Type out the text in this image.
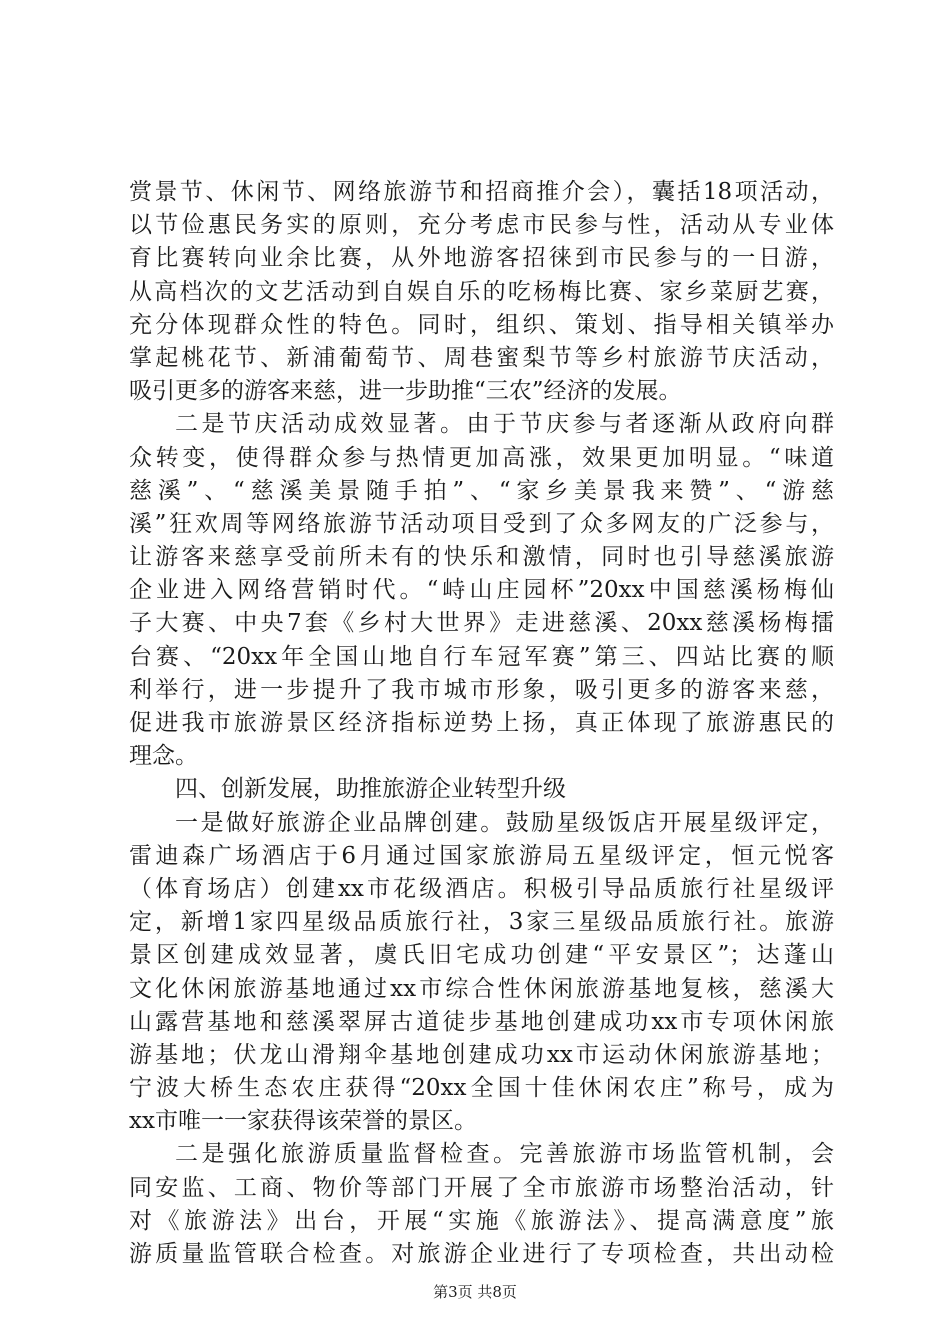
赏景节、休闲节、网络旅游节和招商推介会），囊括18项活动，
以节俭惠民务实的原则，充分考虑市民参与性，活动从专业体
育比赛转向业余比赛，从外地游客招徕到市民参与的一日游，
从高档次的文艺活动到自娱自乐的吃杨梅比赛、家乡菜厨艺赛，
充分体现群众性的特色。同时，组织、策划、指导相关镇举办
掌起桃花节、新浦葡萄节、周巷蜜梨节等乡村旅游节庆活动，
吸引更多的游客来慈，进一步助推“三农”经济的发展。
二是节庆活动成效显著。由于节庆参与者逐渐从政府向群
众转变，使得群众参与热情更加高涨，效果更加明显。“味道
慈溪”、“慈溪美景随手拍”、“家乡美景我来赞”、“游慈
溪”狂欢周等网络旅游节活动项目受到了众多网友的广泛参与，
让游客来慈享受前所未有的快乐和激情，同时也引导慈溪旅游
企业进入网络营销时代。“峙山庄园杯”20xx中国慈溪杨梅仙
子大赛、中央7套《乡村大世界》走进慈溪、20xx慈溪杨梅擂
台赛、“20xx年全国山地自行车冠军赛”第三、四站比赛的顺
利举行，进一步提升了我市城市形象，吸引更多的游客来慈，
促进我市旅游景区经济指标逆势上扬，真正体现了旅游惠民的
理念。
四、创新发展，助推旅游企业转型升级
一是做好旅游企业品牌创建。鼓励星级饭店开展星级评定，
雷迪森广场酒店于6月通过国家旅游局五星级评定，恒元悦客
（体育场店）创建xx市花级酒店。积极引导品质旅行社星级评
定，新增1家四星级品质旅行社，3家三星级品质旅行社。旅游
景区创建成效显著，虞氏旧宅成功创建“平安景区”；达蓬山
文化休闲旅游基地通过xx市综合性休闲旅游基地复核，慈溪大
山露营基地和慈溪翠屏古道徒步基地创建成功xx市专项休闲旅
游基地；伏龙山滑翔伞基地创建成功xx市运动休闲旅游基地；
宁波大桥生态农庄获得“20xx全国十佳休闲农庄”称号，成为
xx市唯一一家获得该荣誉的景区。
二是强化旅游质量监督检查。完善旅游市场监管机制，会
同安监、工商、物价等部门开展了全市旅游市场整治活动，针
对《旅游法》出台，开展“实施《旅游法》、提高满意度”旅
游质量监管联合检查。对旅游企业进行了专项检查，共出动检
第3页 共8页
